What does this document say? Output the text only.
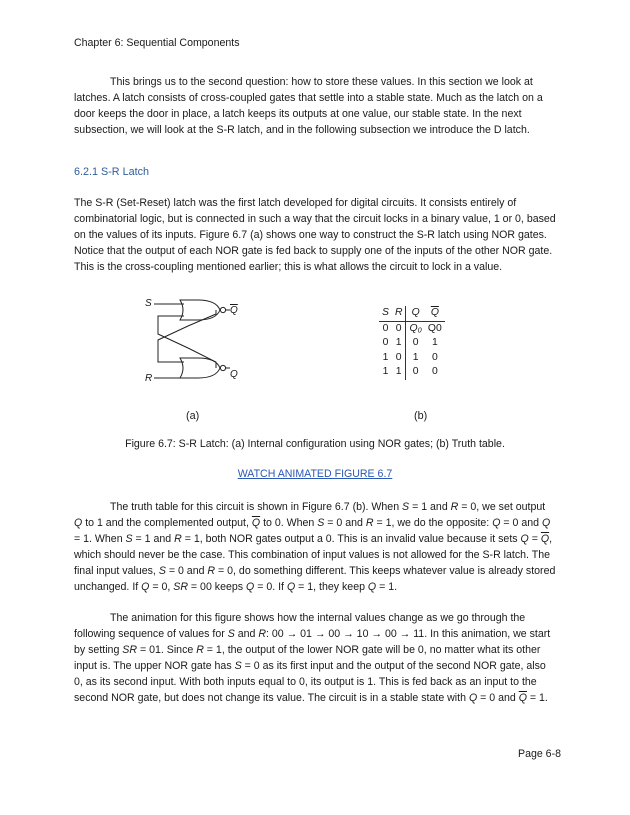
Chapter 6: Sequential Components
This brings us to the second question: how to store these values. In this section we look at latches. A latch consists of cross-coupled gates that settle into a stable state. Much as the latch on a door keeps the door in place, a latch keeps its outputs at one value, our stable state. In the next subsection, we will look at the S-R latch, and in the following subsection we introduce the D latch.
6.2.1 S-R Latch
The S-R (Set-Reset) latch was the first latch developed for digital circuits. It consists entirely of combinatorial logic, but is connected in such a way that the circuit locks in a binary value, 1 or 0, based on the values of its inputs. Figure 6.7 (a) shows one way to construct the S-R latch using NOR gates. Notice that the output of each NOR gate is fed back to supply one of the inputs of the other NOR gate. This is the cross-coupling mentioned earlier; this is what allows the circuit to lock in a value.
S
R
$\overline{Q}$
Q
S	R	Q	$\overline{Q}$
0	0	Q₀	Q0
0	1	0	1
1	0	1	0
1	1	0	0
(a)	(b)
Figure 6.7: S-R Latch: (a) Internal configuration using NOR gates; (b) Truth table.
WATCH ANIMATED FIGURE 6.7
The truth table for this circuit is shown in Figure 6.7 (b). When S = 1 and R = 0, we set output Q to 1 and the complemented output, $\overline{Q}$ to 0. When S = 0 and R = 1, we do the opposite: Q = 0 and Q = 1. When S = 1 and R = 1, both NOR gates output a 0. This is an invalid value because it sets $Q = \overline{Q}$, which should never be the case. This combination of input values is not allowed for the S-R latch. The final input values, S = 0 and R = 0, do something different. This keeps whatever value is already stored unchanged. If Q = 0, SR = 00 keeps Q = 0. If Q = 1, they keep Q = 1.
The animation for this figure shows how the internal values change as we go through the following sequence of values for S and R: 00 → 01 → 00 → 10 → 00 → 11. In this animation, we start by setting SR = 01. Since R = 1, the output of the lower NOR gate will be 0, no matter what its other input is. The upper NOR gate has S = 0 as its first input and the output of the second NOR gate, also 0, as its second input. With both inputs equal to 0, its output is 1. This is fed back as an input to the second NOR gate, but does not change its value. The circuit is in a stable state with Q = 0 and $\overline{Q} = 1$.
Page 6-8
